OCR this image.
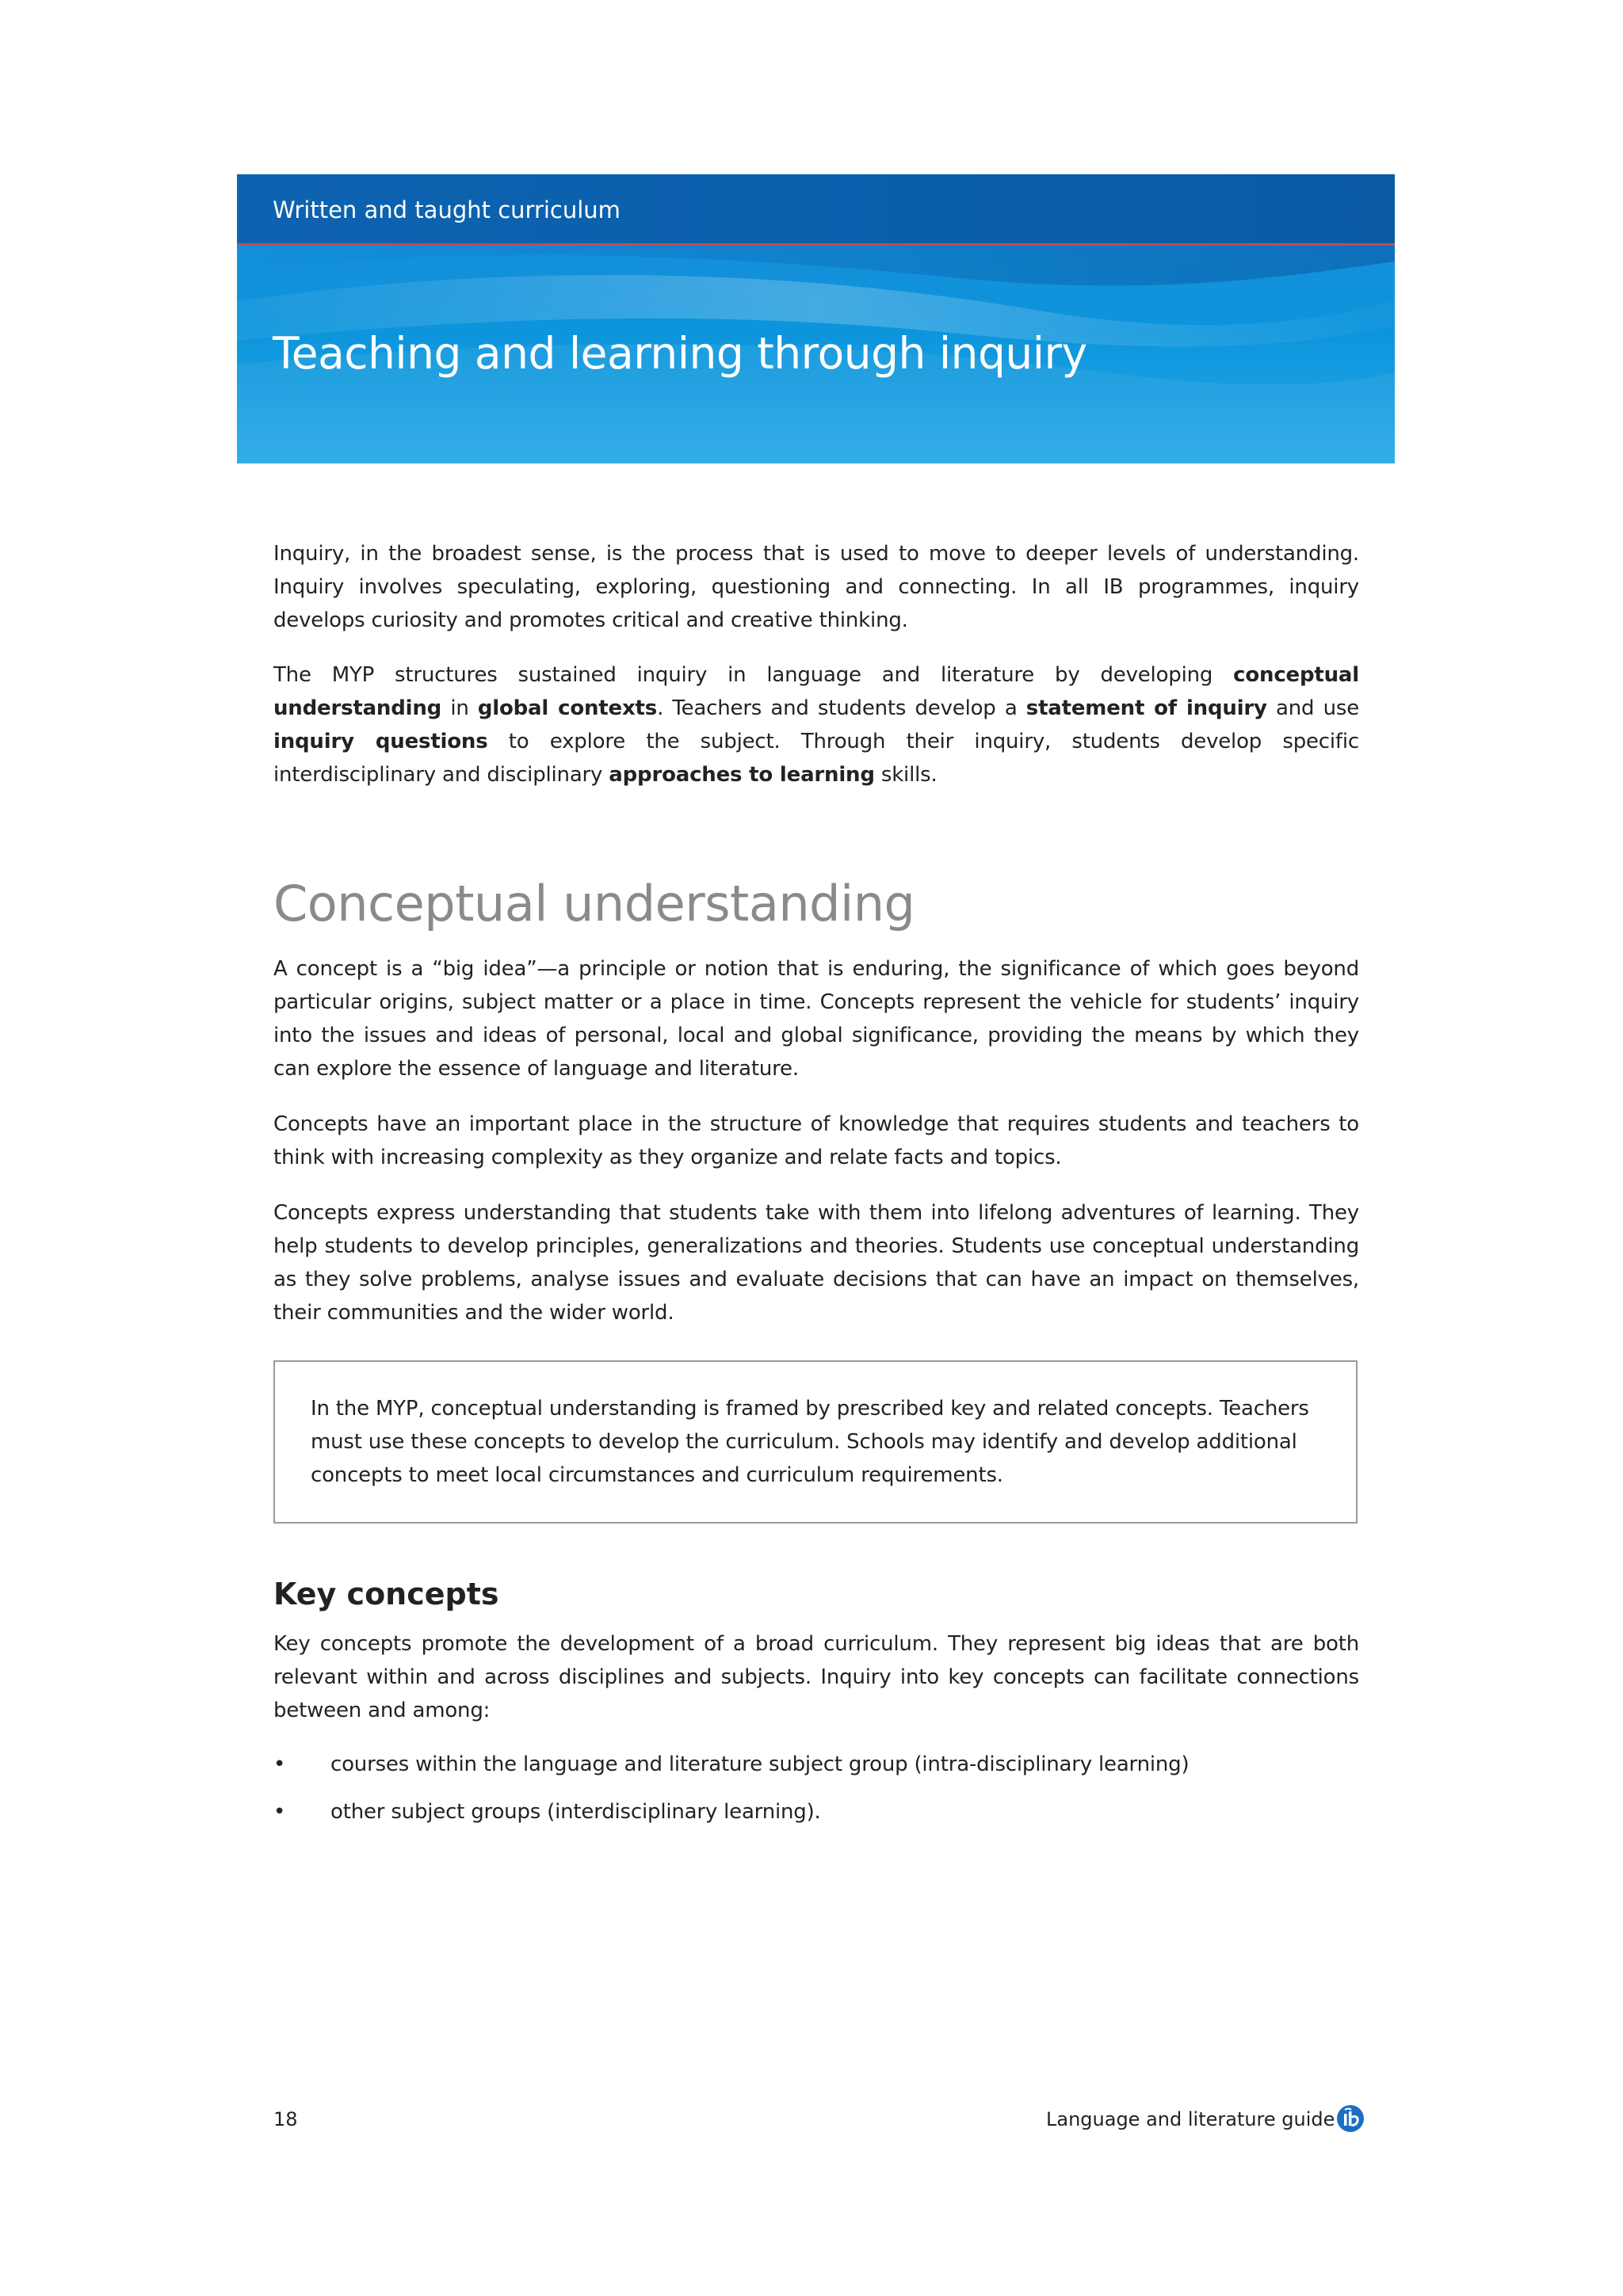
Written and taught curriculum
Teaching and learning through inquiry

Inquiry, in the broadest sense, is the process that is used to move to deeper levels of understanding. Inquiry involves speculating, exploring, questioning and connecting. In all IB programmes, inquiry develops curiosity and promotes critical and creative thinking.

The MYP structures sustained inquiry in language and literature by developing conceptual understanding in global contexts. Teachers and students develop a statement of inquiry and use inquiry questions to explore the subject. Through their inquiry, students develop specific interdisciplinary and disciplinary approaches to learning skills.

Conceptual understanding

A concept is a “big idea”—a principle or notion that is enduring, the significance of which goes beyond particular origins, subject matter or a place in time. Concepts represent the vehicle for students’ inquiry into the issues and ideas of personal, local and global significance, providing the means by which they can explore the essence of language and literature.

Concepts have an important place in the structure of knowledge that requires students and teachers to think with increasing complexity as they organize and relate facts and topics.

Concepts express understanding that students take with them into lifelong adventures of learning. They help students to develop principles, generalizations and theories. Students use conceptual understanding as they solve problems, analyse issues and evaluate decisions that can have an impact on themselves, their communities and the wider world.

In the MYP, conceptual understanding is framed by prescribed key and related concepts. Teachers must use these concepts to develop the curriculum. Schools may identify and develop additional concepts to meet local circumstances and curriculum requirements.

Key concepts

Key concepts promote the development of a broad curriculum. They represent big ideas that are both relevant within and across disciplines and subjects. Inquiry into key concepts can facilitate connections between and among:

• courses within the language and literature subject group (intra-disciplinary learning)
• other subject groups (interdisciplinary learning).
18	Language and literature guide
